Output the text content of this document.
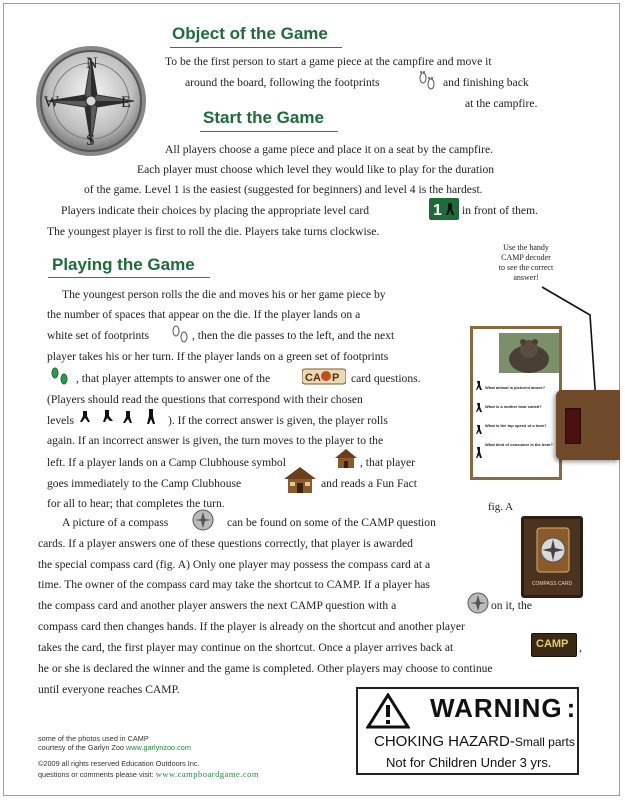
N
S
E
W
Object of the Game
To be the first person to start a game piece at the campfire and move it
around the board, following the footprints	and finishing back
at the campfire.
Start the Game
All players choose a game piece and place it on a seat by the campfire.
Each player must choose which level they would like to play for the duration
of the game. Level 1 is the easiest (suggested for beginners) and level 4 is the hardest.
Players indicate their choices by placing the appropriate level card	1 in front of them.
The youngest player is first to roll the die. Players take turns clockwise.
Use the handy
CAMP decoder
to see the correct
answer!
Playing the Game
The youngest person rolls the die and moves his or her game piece by
the number of spaces that appear on the die. If the player lands on a
white set of footprints	, then the die passes to the left, and the next
player takes his or her turn. If the player lands on a green set of footprints
, that player attempts to answer one of the	CA P card questions.
(Players should read the questions that correspond with their chosen
levels	). If the correct answer is given, the player rolls
again. If an incorrect answer is given, the turn moves to the player to the
left. If a player lands on a Camp Clubhouse symbol	, that player
goes immediately to the Camp Clubhouse	and reads a Fun Fact
for all to hear; that completes the turn.
A picture of a compass	can be found on some of the CAMP question
cards. If a player answers one of these questions correctly, that player is awarded
the special compass card (fig. A) Only one player may possess the compass card at a
time. The owner of the compass card may take the shortcut to CAMP. If a player has
the compass card and another player answers the next CAMP question with a	on it, the
compass card then changes hands. If the player is already on the shortcut and another player
takes the card, the first player may continue on the shortcut. Once a player arrives back at	CAMP ,
he or she is declared the winner and the game is completed. Other players may choose to continue
until everyone reaches CAMP.
What animal is pictured above?
What is a mother bear called?
What is the top speed of a bear?
What kind of consumer is the bear?
fig. A
COMPASS CARD
some of the photos used in CAMP
courtesy of the Garlyn Zoo www.garlynzoo.com
©2009 all rights reserved Education Outdoors Inc.
questions or comments please visit: www.campboardgame.com
WARNING :
CHOKING HAZARD-Small parts
Not for Children Under 3 yrs.
